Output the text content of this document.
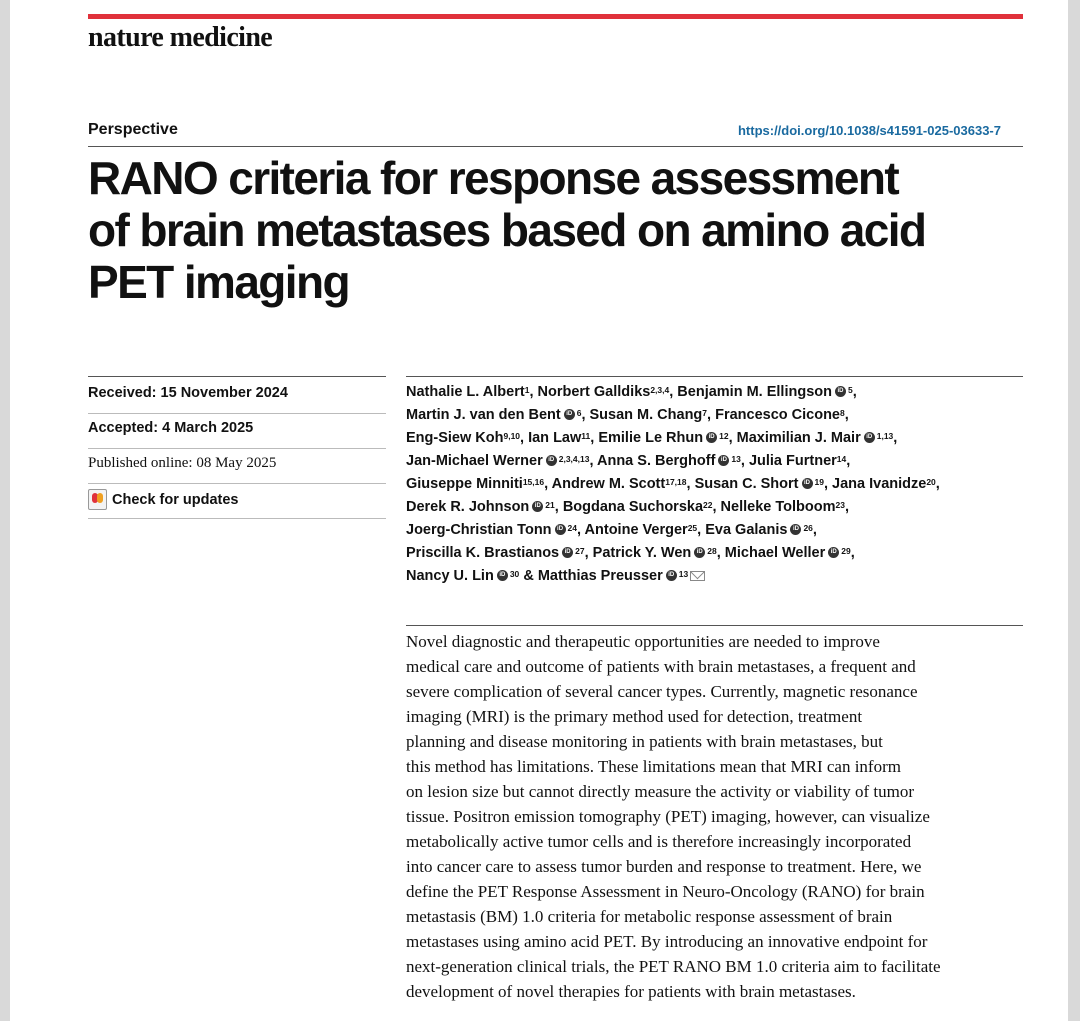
nature medicine
Perspective	https://doi.org/10.1038/s41591-025-03633-7
RANO criteria for response assessment
of brain metastases based on amino acid
PET imaging
Received: 15 November 2024
Accepted: 4 March 2025
Published online: 08 May 2025
Check for updates
Nathalie L. Albert$^1$, Norbert Galldiks$^{2,3,4}$, Benjamin M. Ellingson iD $^5$,
Martin J. van den Bent iD $^6$, Susan M. Chang$^7$, Francesco Cicone$^8$,
Eng-Siew Koh$^{9,10}$, Ian Law$^{11}$, Emilie Le Rhun iD $^{12}$, Maximilian J. Mair iD $^{1,13}$,
Jan-Michael Werner iD $^{2,3,4,13}$, Anna S. Berghoff iD $^{13}$, Julia Furtner$^{14}$,
Giuseppe Minniti$^{15,16}$, Andrew M. Scott$^{17,18}$, Susan C. Short iD $^{19}$, Jana Ivanidze$^{20}$,
Derek R. Johnson iD $^{21}$, Bogdana Suchorska$^{22}$, Nelleke Tolboom$^{23}$,
Joerg-Christian Tonn iD $^{24}$, Antoine Verger$^{25}$, Eva Galanis iD $^{26}$,
Priscilla K. Brastianos iD $^{27}$, Patrick Y. Wen iD $^{28}$, Michael Weller iD $^{29}$,
Nancy U. Lin iD $^{30}$ & Matthias Preusser iD $^{13}$
Novel diagnostic and therapeutic opportunities are needed to improve
medical care and outcome of patients with brain metastases, a frequent and
severe complication of several cancer types. Currently, magnetic resonance
imaging (MRI) is the primary method used for detection, treatment
planning and disease monitoring in patients with brain metastases, but
this method has limitations. These limitations mean that MRI can inform
on lesion size but cannot directly measure the activity or viability of tumor
tissue. Positron emission tomography (PET) imaging, however, can visualize
metabolically active tumor cells and is therefore increasingly incorporated
into cancer care to assess tumor burden and response to treatment. Here, we
define the PET Response Assessment in Neuro-Oncology (RANO) for brain
metastasis (BM) 1.0 criteria for metabolic response assessment of brain
metastases using amino acid PET. By introducing an innovative endpoint for
next-generation clinical trials, the PET RANO BM 1.0 criteria aim to facilitate
development of novel therapies for patients with brain metastases.
